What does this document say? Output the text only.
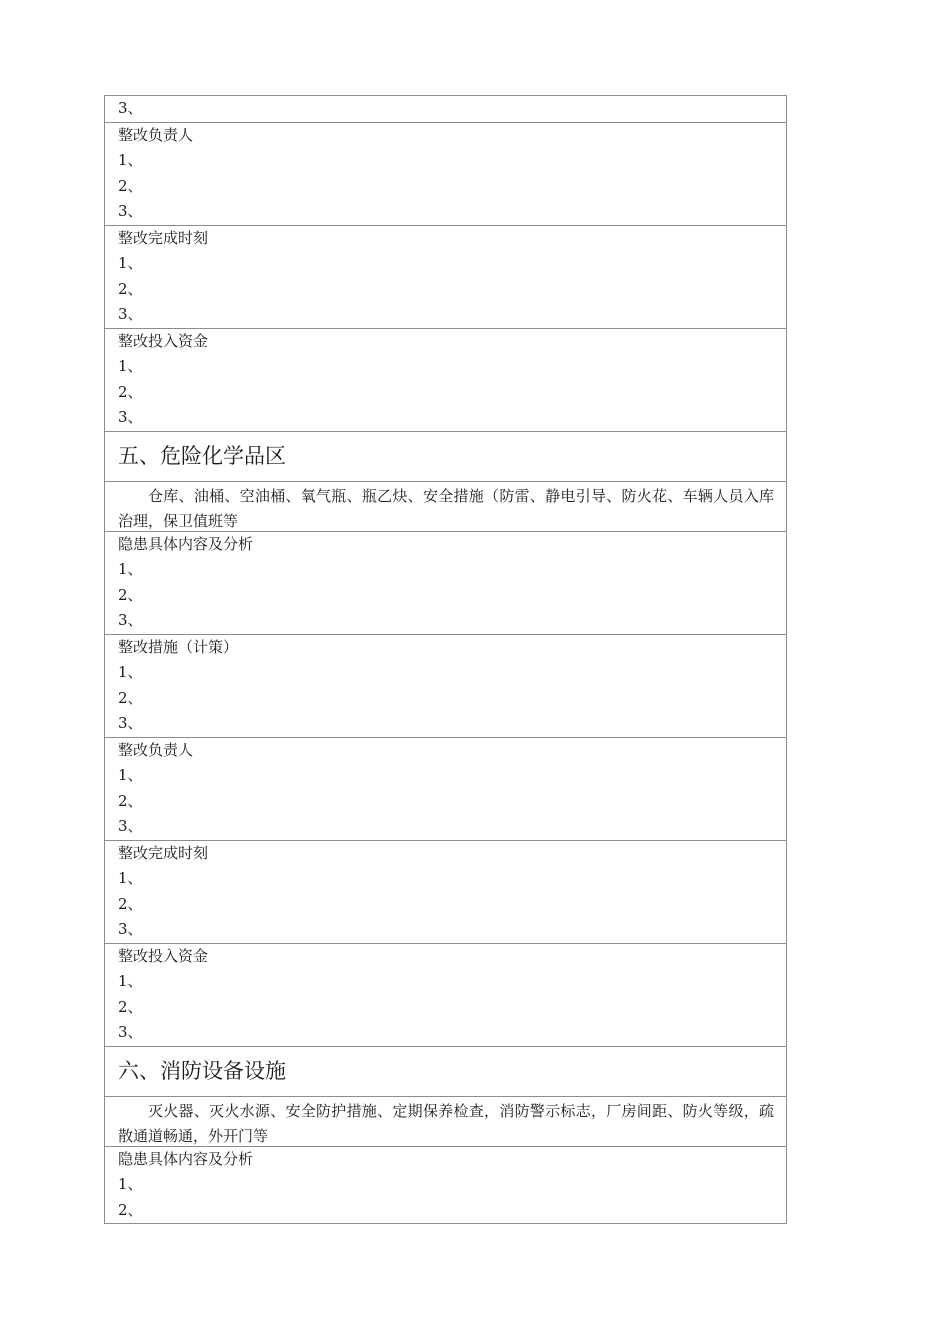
3、
整改负责人
1、
2、
3、
整改完成时刻
1、
2、
3、
整改投入资金
1、
2、
3、
五、危险化学品区
仓库、油桶、空油桶、氧气瓶、瓶乙炔、安全措施（防雷、静电引导、防火花、车辆人员入库治理，保卫值班等
隐患具体内容及分析
1、
2、
3、
整改措施（计策）
1、
2、
3、
整改负责人
1、
2、
3、
整改完成时刻
1、
2、
3、
整改投入资金
1、
2、
3、
六、消防设备设施
灭火器、灭火水源、安全防护措施、定期保养检查，消防警示标志，厂房间距、防火等级，疏散通道畅通，外开门等
隐患具体内容及分析
1、
2、
